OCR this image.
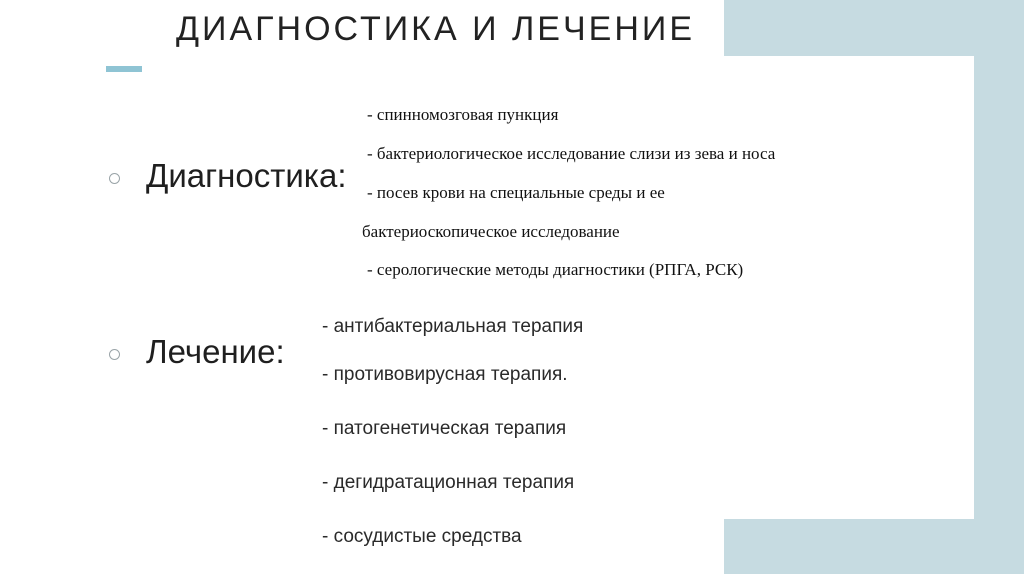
ДИАГНОСТИКА И ЛЕЧЕНИЕ
Диагностика:
- спинномозговая пункция
- бактериологическое исследование слизи из зева и носа
- посев крови на специальные среды и ее
бактериоскопическое исследование
- серологические методы диагностики (РПГА, РСК)
Лечение:
- антибактериальная терапия
- противовирусная терапия.
- патогенетическая терапия
- дегидратационная терапия
- сосудистые средства
